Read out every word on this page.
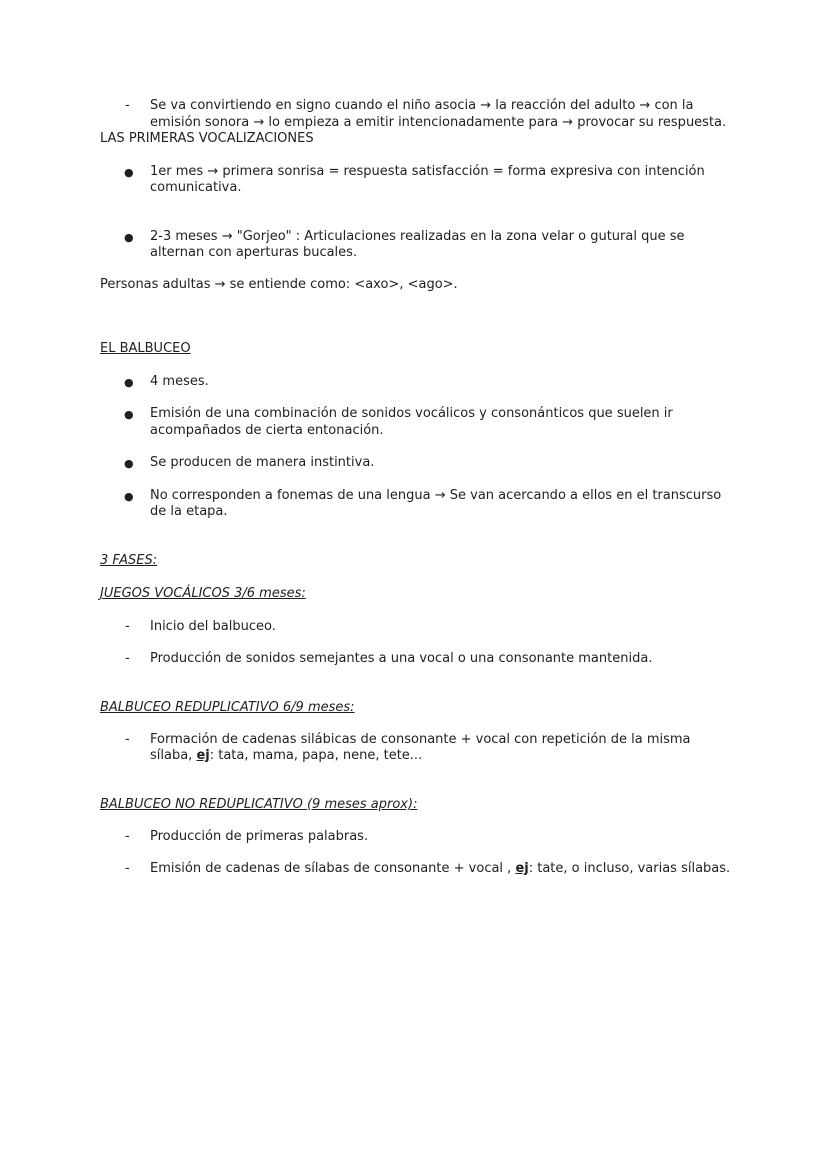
- Se va convirtiendo en signo cuando el niño asocia → la reacción del adulto → con la
emisión sonora → lo empieza a emitir intencionadamente para → provocar su respuesta.
LAS PRIMERAS VOCALIZACIONES
● 1er mes → primera sonrisa = respuesta satisfacción = forma expresiva con intención
comunicativa.
● 2-3 meses → "Gorjeo" : Articulaciones realizadas en la zona velar o gutural que se
alternan con aperturas bucales.
Personas adultas → se entiende como: <axo>, <ago>.
EL BALBUCEO
● 4 meses.
● Emisión de una combinación de sonidos vocálicos y consonánticos que suelen ir
acompañados de cierta entonación.
● Se producen de manera instintiva.
● No corresponden a fonemas de una lengua → Se van acercando a ellos en el transcurso
de la etapa.
3 FASES:
JUEGOS VOCÁLICOS 3/6 meses:
- Inicio del balbuceo.
- Producción de sonidos semejantes a una vocal o una consonante mantenida.
BALBUCEO REDUPLICATIVO 6/9 meses:
- Formación de cadenas silábicas de consonante + vocal con repetición de la misma
sílaba, ej: tata, mama, papa, nene, tete...
BALBUCEO NO REDUPLICATIVO (9 meses aprox):
- Producción de primeras palabras.
- Emisión de cadenas de sílabas de consonante + vocal , ej: tate, o incluso, varias sílabas.
